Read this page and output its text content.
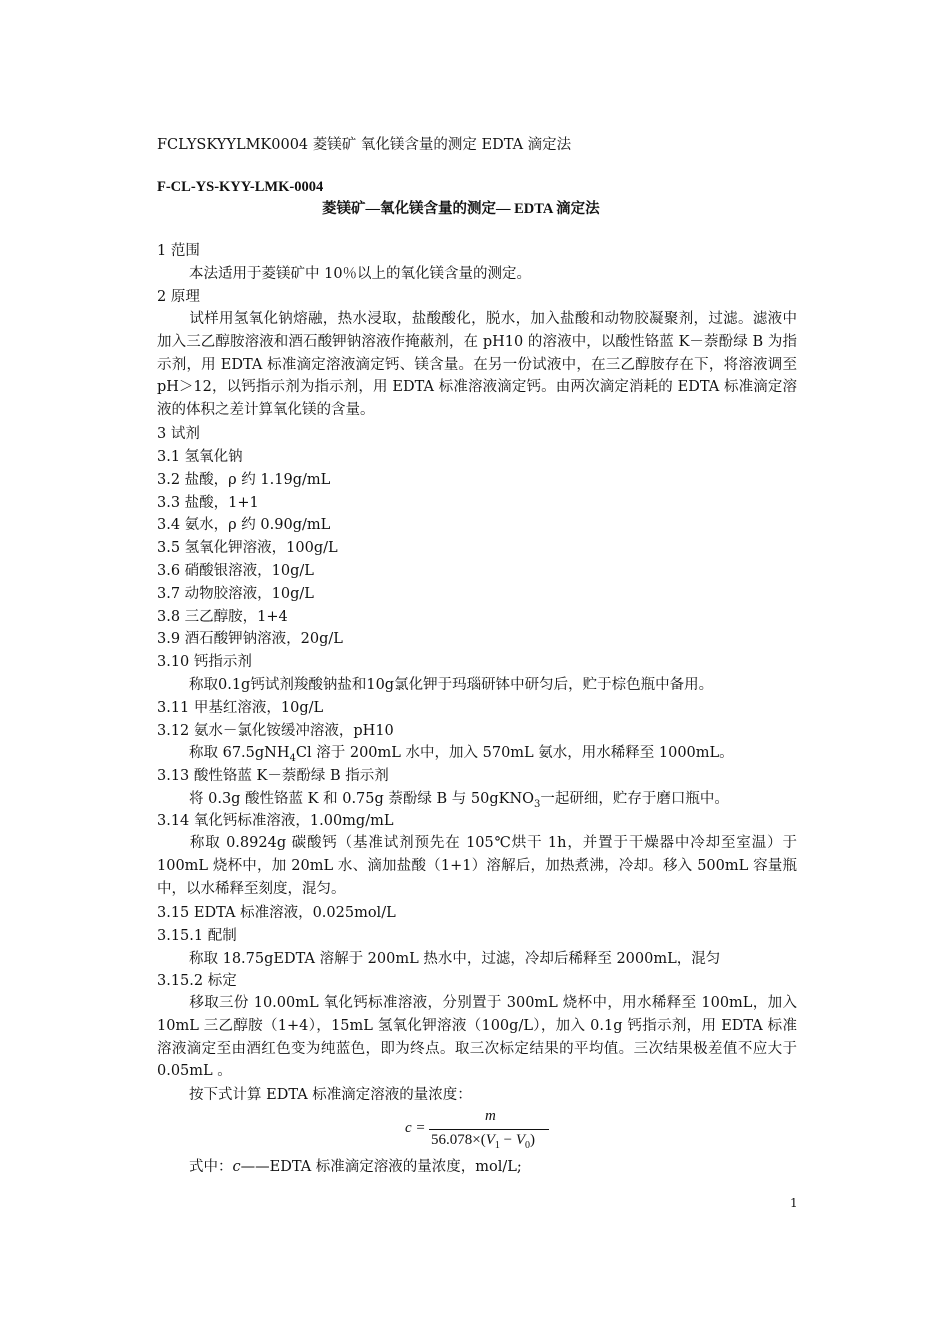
FCLYSKYYLMK0004 菱镁矿 氧化镁含量的测定 EDTA 滴定法
F-CL-YS-KYY-LMK-0004
菱镁矿—氧化镁含量的测定— EDTA 滴定法
1 范围
本法适用于菱镁矿中 10％以上的氧化镁含量的测定。
2 原理
试样用氢氧化钠熔融，热水浸取，盐酸酸化，脱水，加入盐酸和动物胶凝聚剂，过滤。滤液中加入三乙醇胺溶液和酒石酸钾钠溶液作掩蔽剂，在 pH10 的溶液中，以酸性铬蓝 K－萘酚绿 B 为指示剂，用 EDTA 标准滴定溶液滴定钙、镁含量。在另一份试液中，在三乙醇胺存在下，将溶液调至 pH＞12，以钙指示剂为指示剂，用 EDTA 标准溶液滴定钙。由两次滴定消耗的 EDTA 标准滴定溶液的体积之差计算氧化镁的含量。
3 试剂
3.1 氢氧化钠
3.2 盐酸，ρ 约 1.19g/mL
3.3 盐酸，1+1
3.4 氨水，ρ 约 0.90g/mL
3.5 氢氧化钾溶液，100g/L
3.6 硝酸银溶液，10g/L
3.7 动物胶溶液，10g/L
3.8 三乙醇胺，1+4
3.9 酒石酸钾钠溶液，20g/L
3.10 钙指示剂
称取0.1g钙试剂羧酸钠盐和10g氯化钾于玛瑙研钵中研匀后，贮于棕色瓶中备用。
3.11 甲基红溶液，10g/L
3.12 氨水－氯化铵缓冲溶液，pH10
称取 67.5gNH$_4$Cl 溶于 200mL 水中，加入 570mL 氨水，用水稀释至 1000mL。
3.13 酸性铬蓝 K－萘酚绿 B 指示剂
将 0.3g 酸性铬蓝 K 和 0.75g 萘酚绿 B 与 50gKNO$_3$一起研细，贮存于磨口瓶中。
3.14 氧化钙标准溶液，1.00mg/mL
称取 0.8924g 碳酸钙（基准试剂预先在 105℃烘干 1h，并置于干燥器中冷却至室温）于 100mL 烧杯中，加 20mL 水、滴加盐酸（1+1）溶解后，加热煮沸，冷却。移入 500mL 容量瓶中，以水稀释至刻度，混匀。
3.15 EDTA 标准溶液，0.025mol/L
3.15.1 配制
称取 18.75gEDTA 溶解于 200mL 热水中，过滤，冷却后稀释至 2000mL，混匀
3.15.2 标定
移取三份 10.00mL 氧化钙标准溶液，分别置于 300mL 烧杯中，用水稀释至 100mL，加入 10mL 三乙醇胺（1+4），15mL 氢氧化钾溶液（100g/L），加入 0.1g 钙指示剂，用 EDTA 标准溶液滴定至由酒红色变为纯蓝色，即为终点。取三次标定结果的平均值。三次结果极差值不应大于 0.05mL 。
按下式计算 EDTA 标准滴定溶液的量浓度：
c =
m
$56.078\times(V_1 - V_0)$
式中：c——EDTA 标准滴定溶液的量浓度，mol/L;
1
